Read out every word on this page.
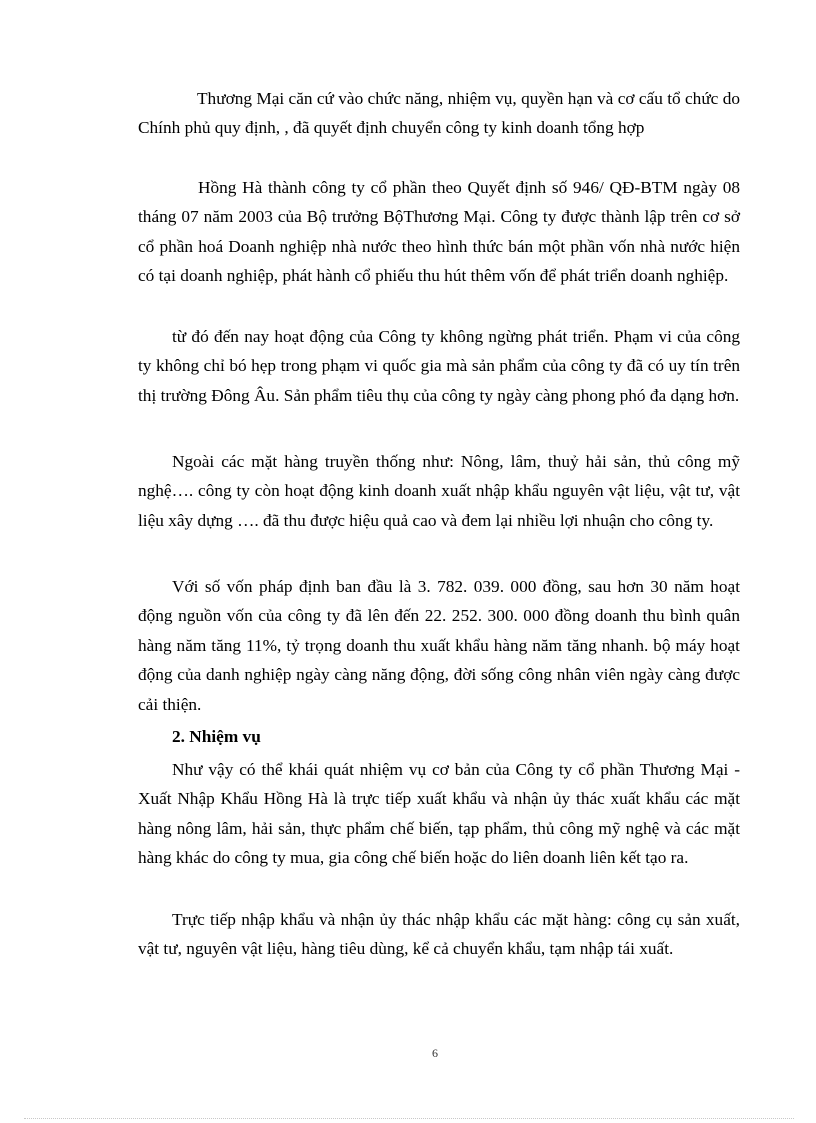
Thương Mại căn cứ vào chức năng, nhiệm vụ, quyền hạn và cơ cấu tổ chức do Chính phủ quy định, , đã quyết định chuyển công ty kinh doanh tổng hợp

Hồng Hà thành công ty cổ phần theo Quyết định số 946/ QĐ-BTM ngày 08 tháng 07 năm 2003 của Bộ trưởng BộThương Mại. Công ty được thành lập trên cơ sở cổ phần hoá Doanh nghiệp nhà nước theo hình thức bán một phần vốn nhà nước hiện có tại doanh nghiệp, phát hành cổ phiếu thu hút thêm vốn để phát triển doanh nghiệp.

từ đó đến nay hoạt động của Công ty không ngừng phát triển. Phạm vi của công ty không chỉ bó hẹp trong phạm vi quốc gia mà sản phẩm của công ty đã có uy tín trên thị trường Đông Âu. Sản phẩm tiêu thụ của công ty ngày càng phong phó đa dạng hơn.

Ngoài các mặt hàng truyền thống như: Nông, lâm, thuỷ hải sản, thủ công mỹ nghệ…. công ty còn hoạt động kinh doanh xuất nhập khẩu nguyên vật liệu, vật tư, vật liệu xây dựng …. đã thu được hiệu quả cao và đem lại nhiều lợi nhuận cho công ty.

Với số vốn pháp định ban đầu là 3. 782. 039. 000 đồng, sau hơn 30 năm hoạt động nguồn vốn của công ty đã lên đến 22. 252. 300. 000 đồng doanh thu bình quân hàng năm tăng 11%, tỷ trọng doanh thu xuất khẩu hàng năm tăng nhanh. bộ máy hoạt động của danh nghiệp ngày càng năng động, đời sống công nhân viên ngày càng được cải thiện.

2. Nhiệm vụ

Như vậy có thể khái quát nhiệm vụ cơ bản của Công ty cổ phần Thương Mại - Xuất Nhập Khẩu Hồng Hà là trực tiếp xuất khẩu và nhận ủy thác xuất khẩu các mặt hàng nông lâm, hải sản, thực phẩm chế biến, tạp phẩm, thủ công mỹ nghệ và các mặt hàng khác do công ty mua, gia công chế biến hoặc do liên doanh liên kết tạo ra.

Trực tiếp nhập khẩu và nhận ủy thác nhập khẩu các mặt hàng: công cụ sản xuất, vật tư, nguyên vật liệu, hàng tiêu dùng, kể cả chuyển khẩu, tạm nhập tái xuất.

6
